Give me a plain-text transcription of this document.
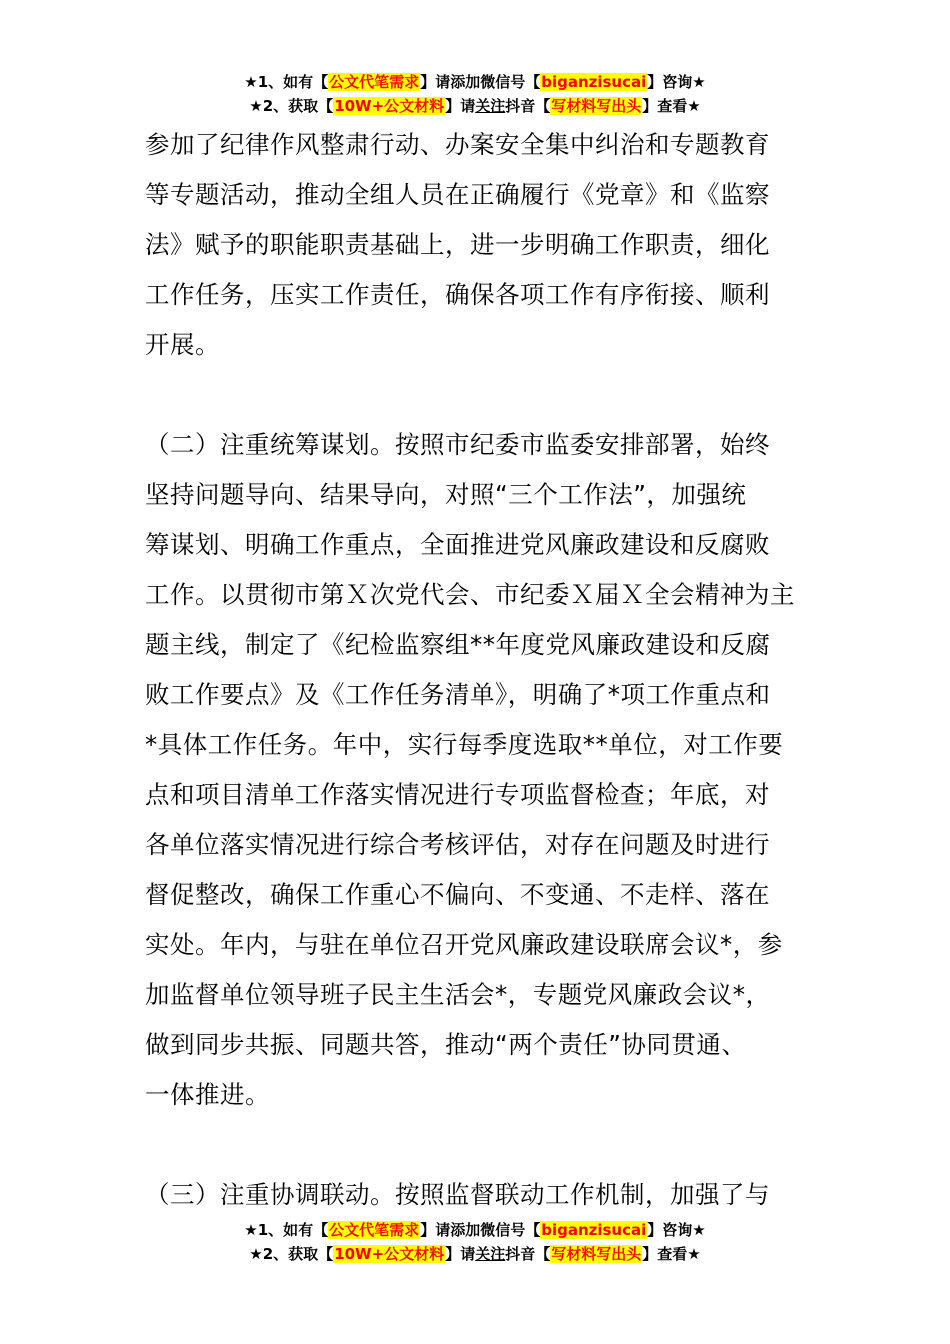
★1、如有【公文代笔需求】请添加微信号【biganzisucai】咨询★
★2、获取【10W+公文材料】请关注抖音【写材料写出头】查看★
参加了纪律作风整肃行动、办案安全集中纠治和专题教育
等专题活动，推动全组人员在正确履行《党章》和《监察
法》赋予的职能职责基础上，进一步明确工作职责，细化
工作任务，压实工作责任，确保各项工作有序衔接、顺利
开展。
（二）注重统筹谋划。按照市纪委市监委安排部署，始终
坚持问题导向、结果导向，对照“三个工作法”，加强统
筹谋划、明确工作重点，全面推进党风廉政建设和反腐败
工作。以贯彻市第Ｘ次党代会、市纪委Ｘ届Ｘ全会精神为主
题主线，制定了《纪检监察组**年度党风廉政建设和反腐
败工作要点》及《工作任务清单》，明确了*项工作重点和
*具体工作任务。年中，实行每季度选取**单位，对工作要
点和项目清单工作落实情况进行专项监督检查；年底，对
各单位落实情况进行综合考核评估，对存在问题及时进行
督促整改，确保工作重心不偏向、不变通、不走样、落在
实处。年内，与驻在单位召开党风廉政建设联席会议*，参
加监督单位领导班子民主生活会*，专题党风廉政会议*，
做到同步共振、同题共答，推动“两个责任”协同贯通、
一体推进。
（三）注重协调联动。按照监督联动工作机制，加强了与
★1、如有【公文代笔需求】请添加微信号【biganzisucai】咨询★
★2、获取【10W+公文材料】请关注抖音【写材料写出头】查看★
